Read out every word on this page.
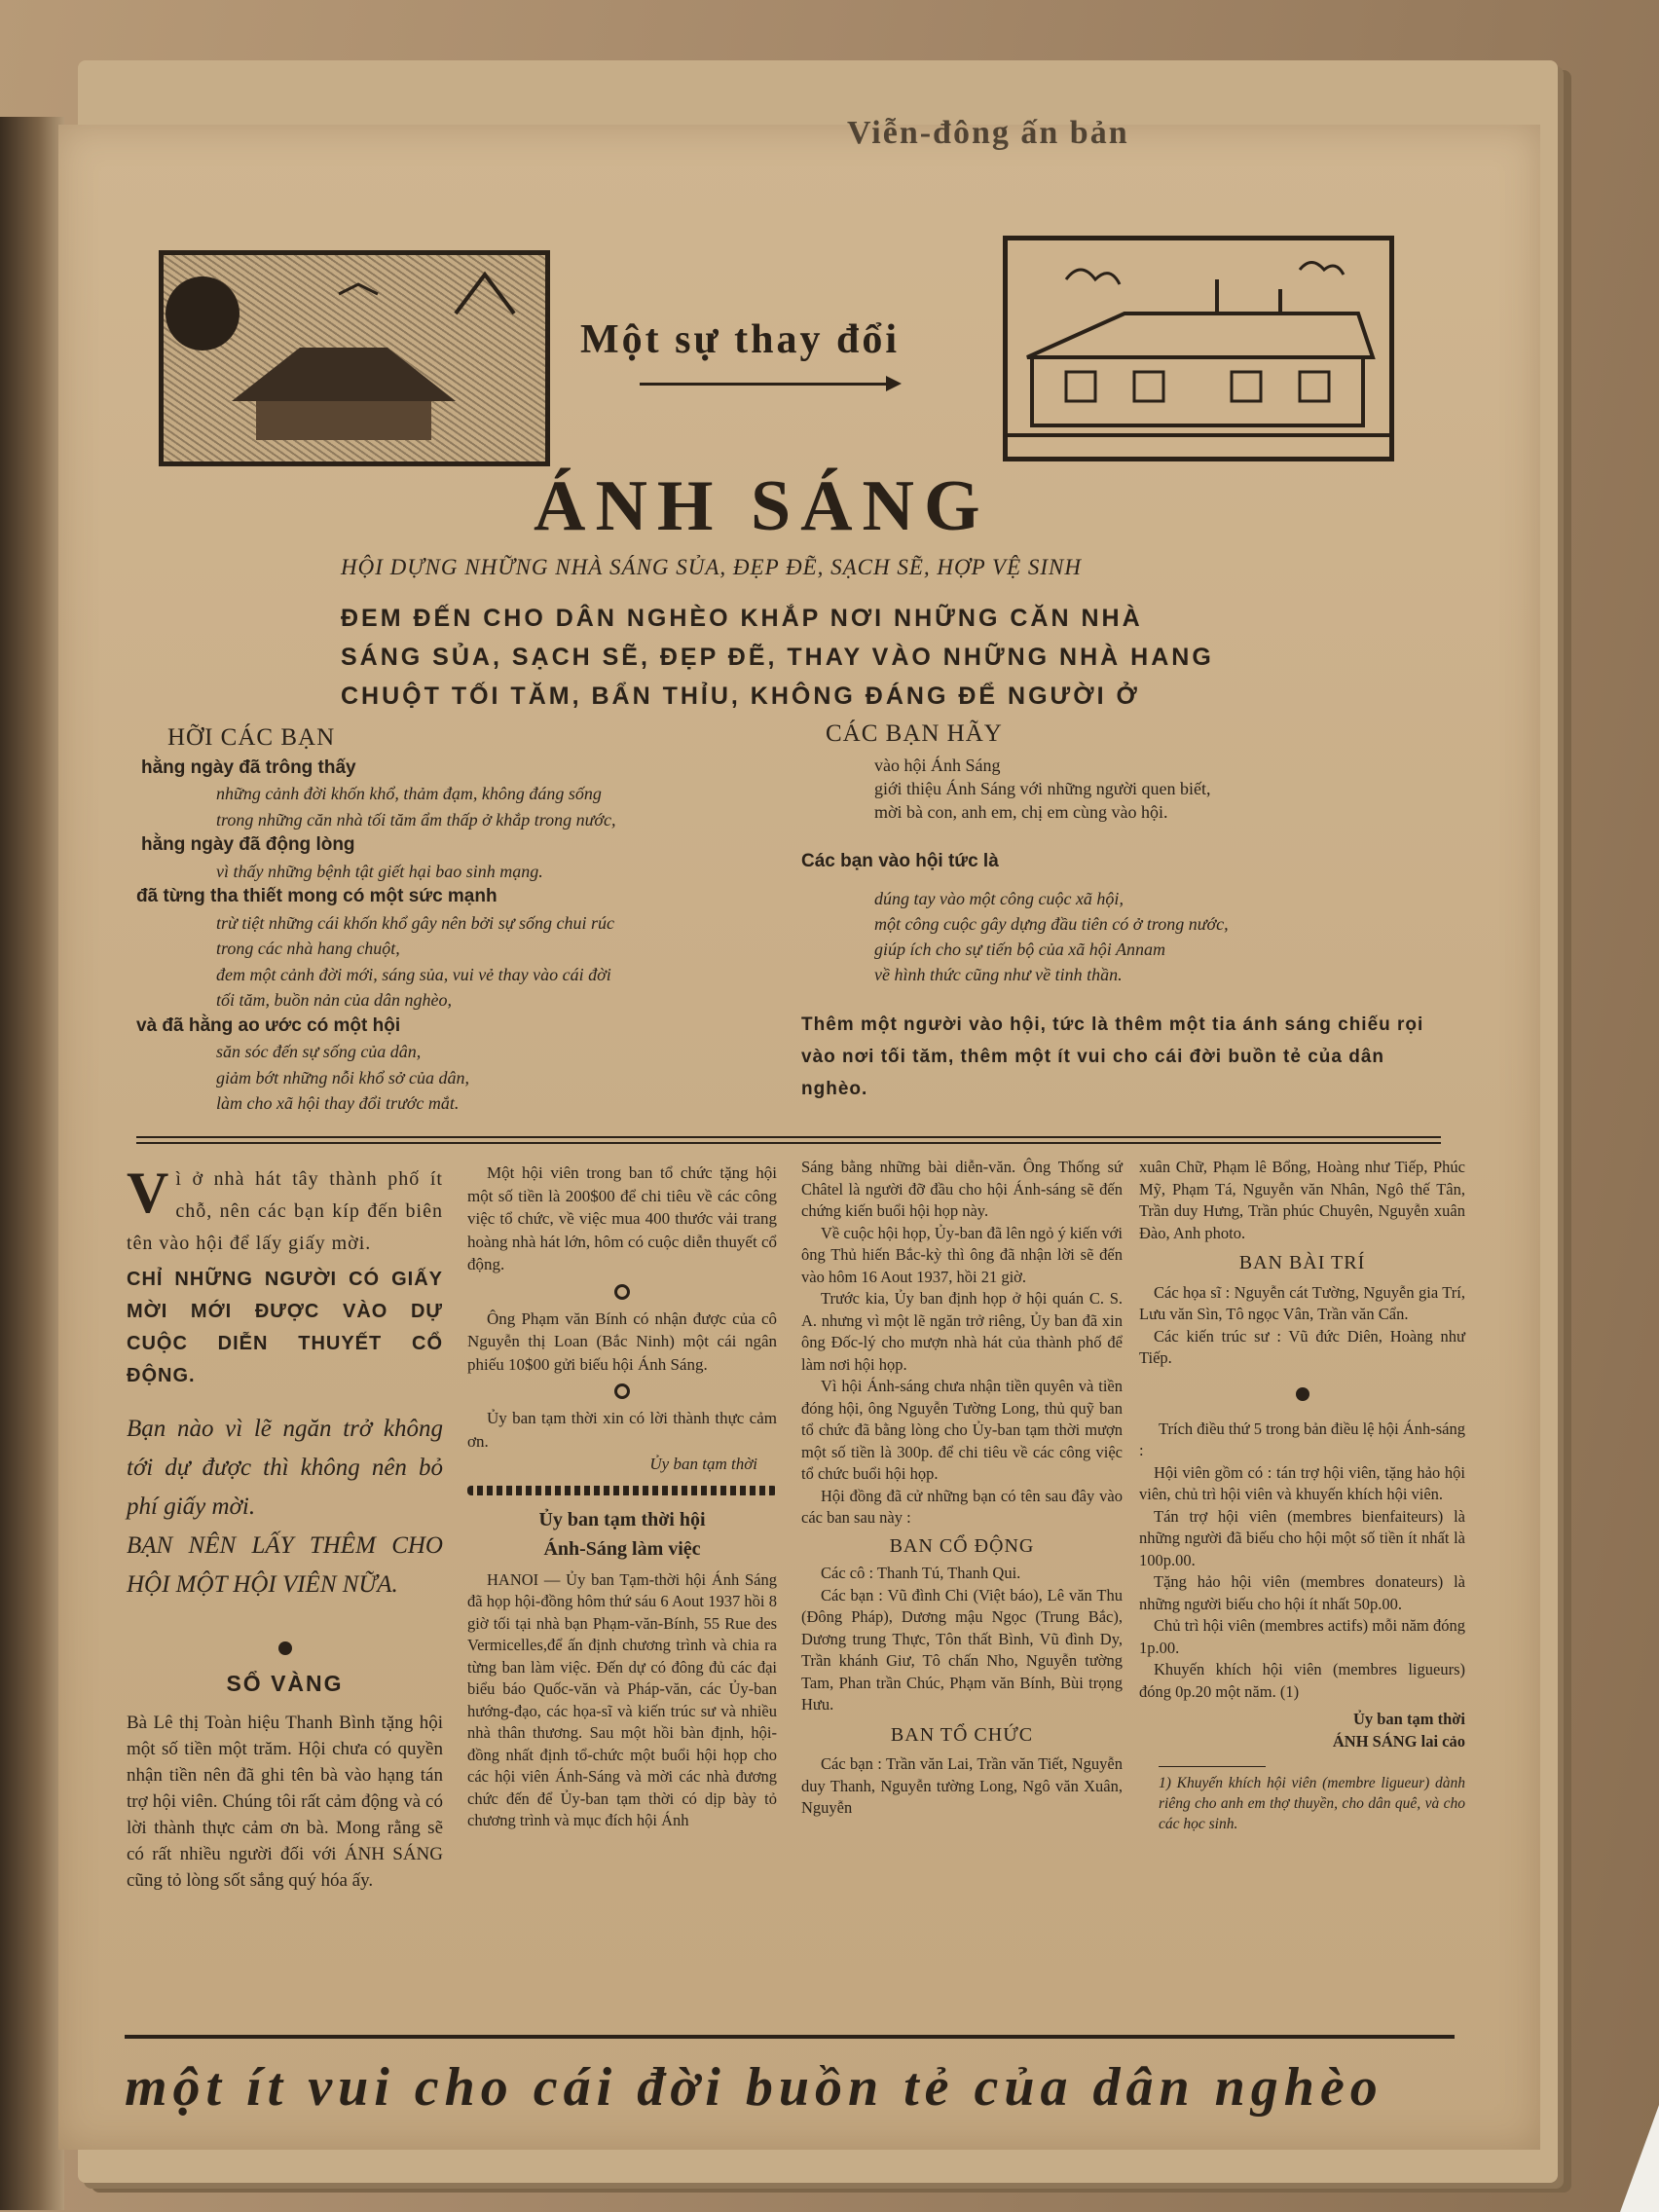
Viễn-đông ấn bản
Một sự thay đổi
ÁNH SÁNG
HỘI DỰNG NHỮNG NHÀ SÁNG SỦA, ĐẸP ĐẼ, SẠCH SẼ, HỢP VỆ SINH
ĐEM ĐẾN CHO DÂN NGHÈO KHẮP NƠI NHỮNG CĂN NHÀ
SÁNG SỦA, SẠCH SẼ, ĐẸP ĐẼ, THAY VÀO NHỮNG NHÀ HANG
CHUỘT TỐI TĂM, BẨN THỈU, KHÔNG ĐÁNG ĐỂ NGƯỜI Ở
HỠI CÁC BẠN
hằng ngày đã trông thấy
những cảnh đời khốn khổ, thảm đạm, không đáng sống
trong những căn nhà tối tăm ẩm thấp ở khắp trong nước,
hằng ngày đã động lòng
vì thấy những bệnh tật giết hại bao sinh mạng.
đã từng tha thiết mong có một sức mạnh
trừ tiệt những cái khốn khổ gây nên bởi sự sống chui rúc
trong các nhà hang chuột,
đem một cảnh đời mới, sáng sủa, vui vẻ thay vào cái đời
tối tăm, buồn nản của dân nghèo,
và đã hằng ao ước có một hội
săn sóc đến sự sống của dân,
giảm bớt những nỗi khổ sở của dân,
làm cho xã hội thay đổi trước mắt.
CÁC BẠN HÃY
vào hội Ánh Sáng
giới thiệu Ánh Sáng với những người quen biết,
mời bà con, anh em, chị em cùng vào hội.
Các bạn vào hội tức là
dúng tay vào một công cuộc xã hội,
một công cuộc gây dựng đầu tiên có ở trong nước,
giúp ích cho sự tiến bộ của xã hội Annam
về hình thức cũng như về tinh thần.
Thêm một người vào hội, tức là thêm một tia ánh sáng chiếu rọi vào nơi tối tăm, thêm một ít vui cho cái đời buồn tẻ của dân nghèo.

V ì ở nhà hát tây thành phố ít chỗ, nên các bạn kíp đến biên tên vào hội để lấy giấy mời.

CHỈ NHỮNG NGƯỜI CÓ GIẤY MỜI MỚI ĐƯỢC VÀO DỰ CUỘC DIỄN THUYẾT CỔ ĐỘNG.

Bạn nào vì lẽ ngăn trở không tới dự được thì không nên bỏ phí giấy mời.

BẠN NÊN LẤY THÊM CHO HỘI MỘT HỘI VIÊN NỮA.

SỔ VÀNG

Bà Lê thị Toàn hiệu Thanh Bình tặng hội một số tiền một trăm. Hội chưa có quyền nhận tiền nên đã ghi tên bà vào hạng tán trợ hội viên. Chúng tôi rất cảm động và có lời thành thực cảm ơn bà. Mong rằng sẽ có rất nhiều người đối với ÁNH SÁNG cũng tỏ lòng sốt sắng quý hóa ấy.

Một hội viên trong ban tổ chức tặng hội một số tiền là 200$00 để chi tiêu về các công việc tổ chức, về việc mua 400 thước vải trang hoàng nhà hát lớn, hôm có cuộc diễn thuyết cổ động.

Ông Phạm văn Bính có nhận được của cô Nguyễn thị Loan (Bắc Ninh) một cái ngân phiếu 10$00 gửi biếu hội Ánh Sáng.

Ủy ban tạm thời xin có lời thành thực cảm ơn.

Ủy ban tạm thời

Ủy ban tạm thời hội

Ánh-Sáng làm việc

HANOI — Ủy ban Tạm-thời hội Ánh Sáng đã họp hội-đồng hôm thứ sáu 6 Aout 1937 hồi 8 giờ tối tại nhà bạn Phạm-văn-Bính, 55 Rue des Vermicelles,để ấn định chương trình và chia ra từng ban làm việc. Đến dự có đông đủ các đại biểu báo Quốc-văn và Pháp-văn, các Ủy-ban hướng-đạo, các họa-sĩ và kiến trúc sư và nhiều nhà thân thương. Sau một hồi bàn định, hội-đồng nhất định tổ-chức một buổi hội họp cho các hội viên Ánh-Sáng và mời các nhà đương chức đến để Ủy-ban tạm thời có dịp bày tỏ chương trình và mục đích hội Ánh

Sáng bằng những bài diễn-văn. Ông Thống sứ Châtel là người đỡ đầu cho hội Ánh-sáng sẽ đến chứng kiến buổi hội họp này.

Về cuộc hội họp, Ủy-ban đã lên ngỏ ý kiến với ông Thủ hiến Bắc-kỳ thì ông đã nhận lời sẽ đến vào hôm 16 Aout 1937, hồi 21 giờ.

Trước kia, Ủy ban định họp ở hội quán C. S. A. nhưng vì một lẽ ngăn trở riêng, Ủy ban đã xin ông Đốc-lý cho mượn nhà hát của thành phố để làm nơi hội họp.

Vì hội Ánh-sáng chưa nhận tiền quyên và tiền đóng hội, ông Nguyễn Tường Long, thủ quỹ ban tổ chức đã bằng lòng cho Ủy-ban tạm thời mượn một số tiền là 300p. để chi tiêu về các công việc tổ chức buổi hội họp.

Hội đồng đã cử những bạn có tên sau đây vào các ban sau này :

BAN CỔ ĐỘNG

Các cô : Thanh Tú, Thanh Qui.

Các bạn : Vũ đình Chi (Việt báo), Lê văn Thu (Đông Pháp), Dương mậu Ngọc (Trung Bắc), Dương trung Thực, Tôn thất Bình, Vũ đình Dy, Trần khánh Giư, Tô chấn Nho, Nguyễn tường Tam, Phan trần Chúc, Phạm văn Bính, Bùi trọng Hưu.

BAN TỔ CHỨC

Các bạn : Trần văn Lai, Trần văn Tiết, Nguyễn duy Thanh, Nguyễn tường Long, Ngô văn Xuân, Nguyễn

xuân Chữ, Phạm lê Bổng, Hoàng như Tiếp, Phúc Mỹ, Phạm Tá, Nguyễn văn Nhân, Ngô thế Tân, Trần duy Hưng, Trần phúc Chuyên, Nguyễn xuân Đào, Anh photo.

BAN BÀI TRÍ

Các họa sĩ : Nguyễn cát Tường, Nguyễn gia Trí, Lưu văn Sìn, Tô ngọc Vân, Trần văn Cẩn.

Các kiến trúc sư : Vũ đức Diên, Hoàng như Tiếp.

Trích điều thứ 5 trong bản điều lệ hội Ánh-sáng :

Hội viên gồm có : tán trợ hội viên, tặng hảo hội viên, chủ trì hội viên và khuyến khích hội viên.

Tán trợ hội viên (membres bienfaiteurs) là những người đã biếu cho hội một số tiền ít nhất là 100p.00.

Tặng hảo hội viên (membres donateurs) là những người biếu cho hội ít nhất 50p.00.

Chủ trì hội viên (membres actifs) mỗi năm đóng 1p.00.

Khuyến khích hội viên (membres ligueurs) đóng 0p.20 một năm. (1)

Ủy ban tạm thời

ÁNH SÁNG lai cảo

1) Khuyến khích hội viên (membre ligueur) dành riêng cho anh em thợ thuyền, cho dân quê, và cho các học sinh.

một ít vui cho cái đời buồn tẻ của dân nghèo
